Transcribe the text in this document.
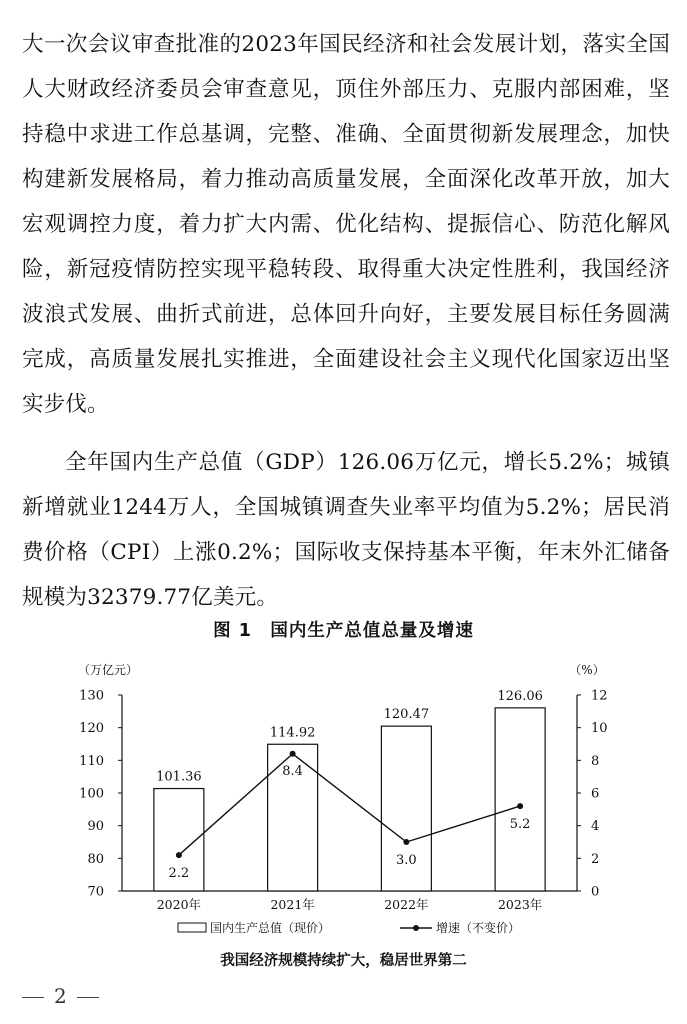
大一次会议审查批准的2023年国民经济和社会发展计划，落实全国人大财政经济委员会审查意见，顶住外部压力、克服内部困难，坚持稳中求进工作总基调，完整、准确、全面贯彻新发展理念，加快构建新发展格局，着力推动高质量发展，全面深化改革开放，加大宏观调控力度，着力扩大内需、优化结构、提振信心、防范化解风险，新冠疫情防控实现平稳转段、取得重大决定性胜利，我国经济波浪式发展、曲折式前进，总体回升向好，主要发展目标任务圆满完成，高质量发展扎实推进，全面建设社会主义现代化国家迈出坚实步伐。

全年国内生产总值（GDP）126.06万亿元，增长5.2%；城镇新增就业1244万人，全国城镇调查失业率平均值为5.2%；居民消费价格（CPI）上涨0.2%；国际收支保持基本平衡，年末外汇储备规模为32379.77亿美元。

图 1　国内生产总值总量及增速
（万亿元）	（%）
70
80
90
100
110
120
130
0
2
4
6
8
10
12
101.36
114.92
120.47
126.06
2020年	2021年	2022年	2023年
2.2
8.4
3.0
5.2
国内生产总值（现价）	增速（不变价）
我国经济规模持续扩大，稳居世界第二
2
